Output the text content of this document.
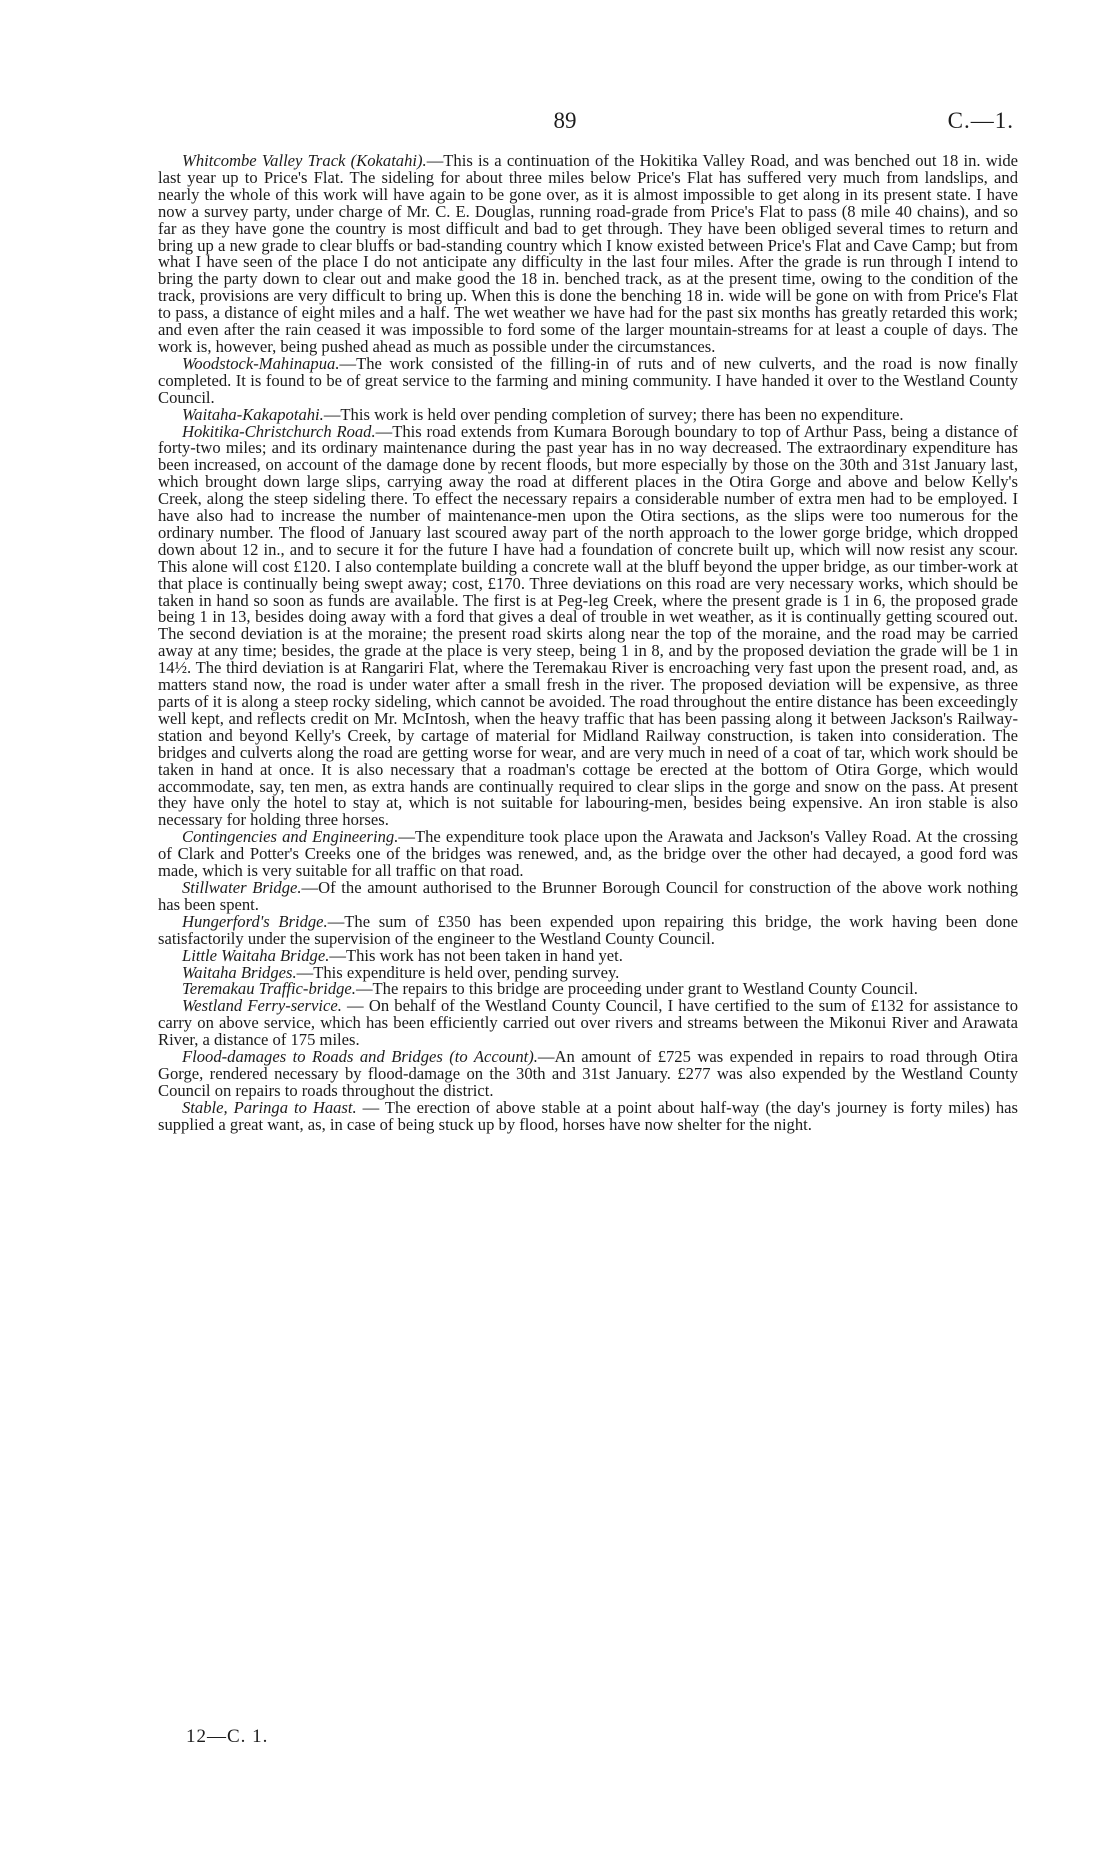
89	C.—1.

Whitcombe Valley Track (Kokatahi).—This is a continuation of the Hokitika Valley Road, and was benched out 18 in. wide last year up to Price's Flat. The sideling for about three miles below Price's Flat has suffered very much from landslips, and nearly the whole of this work will have again to be gone over, as it is almost impossible to get along in its present state. I have now a survey party, under charge of Mr. C. E. Douglas, running road-grade from Price's Flat to pass (8 mile 40 chains), and so far as they have gone the country is most difficult and bad to get through. They have been obliged several times to return and bring up a new grade to clear bluffs or bad-standing country which I know existed between Price's Flat and Cave Camp; but from what I have seen of the place I do not anticipate any difficulty in the last four miles. After the grade is run through I intend to bring the party down to clear out and make good the 18 in. benched track, as at the present time, owing to the condition of the track, provisions are very difficult to bring up. When this is done the benching 18 in. wide will be gone on with from Price's Flat to pass, a distance of eight miles and a half. The wet weather we have had for the past six months has greatly retarded this work; and even after the rain ceased it was impossible to ford some of the larger mountain-streams for at least a couple of days. The work is, however, being pushed ahead as much as possible under the circumstances.

Woodstock-Mahinapua.—The work consisted of the filling-in of ruts and of new culverts, and the road is now finally completed. It is found to be of great service to the farming and mining community. I have handed it over to the Westland County Council.

Waitaha-Kakapotahi.—This work is held over pending completion of survey; there has been no expenditure.

Hokitika-Christchurch Road.—This road extends from Kumara Borough boundary to top of Arthur Pass, being a distance of forty-two miles; and its ordinary maintenance during the past year has in no way decreased. The extraordinary expenditure has been increased, on account of the damage done by recent floods, but more especially by those on the 30th and 31st January last, which brought down large slips, carrying away the road at different places in the Otira Gorge and above and below Kelly's Creek, along the steep sideling there. To effect the necessary repairs a considerable number of extra men had to be employed. I have also had to increase the number of maintenance-men upon the Otira sections, as the slips were too numerous for the ordinary number. The flood of January last scoured away part of the north approach to the lower gorge bridge, which dropped down about 12 in., and to secure it for the future I have had a foundation of concrete built up, which will now resist any scour. This alone will cost £120. I also contemplate building a concrete wall at the bluff beyond the upper bridge, as our timber-work at that place is continually being swept away; cost, £170. Three deviations on this road are very necessary works, which should be taken in hand so soon as funds are available. The first is at Peg-leg Creek, where the present grade is 1 in 6, the proposed grade being 1 in 13, besides doing away with a ford that gives a deal of trouble in wet weather, as it is continually getting scoured out. The second deviation is at the moraine; the present road skirts along near the top of the moraine, and the road may be carried away at any time; besides, the grade at the place is very steep, being 1 in 8, and by the proposed deviation the grade will be 1 in 14½. The third deviation is at Rangariri Flat, where the Teremakau River is encroaching very fast upon the present road, and, as matters stand now, the road is under water after a small fresh in the river. The proposed deviation will be expensive, as three parts of it is along a steep rocky sideling, which cannot be avoided. The road throughout the entire distance has been exceedingly well kept, and reflects credit on Mr. McIntosh, when the heavy traffic that has been passing along it between Jackson's Railway-station and beyond Kelly's Creek, by cartage of material for Midland Railway construction, is taken into consideration. The bridges and culverts along the road are getting worse for wear, and are very much in need of a coat of tar, which work should be taken in hand at once. It is also necessary that a roadman's cottage be erected at the bottom of Otira Gorge, which would accommodate, say, ten men, as extra hands are continually required to clear slips in the gorge and snow on the pass. At present they have only the hotel to stay at, which is not suitable for labouring-men, besides being expensive. An iron stable is also necessary for holding three horses.

Contingencies and Engineering.—The expenditure took place upon the Arawata and Jackson's Valley Road. At the crossing of Clark and Potter's Creeks one of the bridges was renewed, and, as the bridge over the other had decayed, a good ford was made, which is very suitable for all traffic on that road.

Stillwater Bridge.—Of the amount authorised to the Brunner Borough Council for construction of the above work nothing has been spent.

Hungerford's Bridge.—The sum of £350 has been expended upon repairing this bridge, the work having been done satisfactorily under the supervision of the engineer to the Westland County Council.

Little Waitaha Bridge.—This work has not been taken in hand yet.

Waitaha Bridges.—This expenditure is held over, pending survey.

Teremakau Traffic-bridge.—The repairs to this bridge are proceeding under grant to Westland County Council.

Westland Ferry-service. — On behalf of the Westland County Council, I have certified to the sum of £132 for assistance to carry on above service, which has been efficiently carried out over rivers and streams between the Mikonui River and Arawata River, a distance of 175 miles.

Flood-damages to Roads and Bridges (to Account).—An amount of £725 was expended in repairs to road through Otira Gorge, rendered necessary by flood-damage on the 30th and 31st January. £277 was also expended by the Westland County Council on repairs to roads throughout the district.

Stable, Paringa to Haast. — The erection of above stable at a point about half-way (the day's journey is forty miles) has supplied a great want, as, in case of being stuck up by flood, horses have now shelter for the night.

12—C. 1.
